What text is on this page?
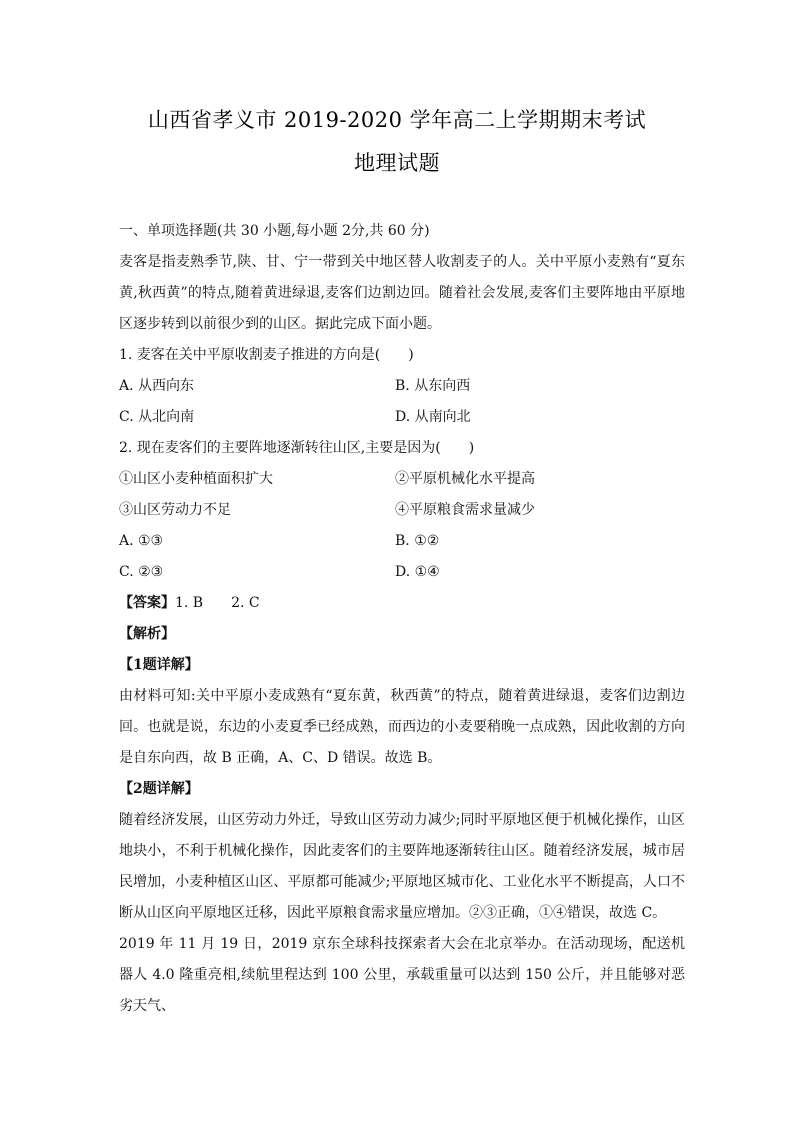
山西省孝义市 2019-2020 学年高二上学期期末考试
地理试题
一、单项选择题(共 30 小题,每小题 2分,共 60 分)
麦客是指麦熟季节,陕、甘、宁一带到关中地区替人收割麦子的人。关中平原小麦熟有“夏东黄,秋西黄”的特点,随着黄进绿退,麦客们边割边回。随着社会发展,麦客们主要阵地由平原地区逐步转到以前很少到的山区。据此完成下面小题。
1. 麦客在关中平原收割麦子推进的方向是(　　)
A. 从西向东	B. 从东向西
C. 从北向南	D. 从南向北
2. 现在麦客们的主要阵地逐渐转往山区,主要是因为(　　)
①山区小麦种植面积扩大	②平原机械化水平提高
③山区劳动力不足	④平原粮食需求量减少
A. ①③	B. ①②
C. ②③	D. ①④
【答案】1. B　　2. C
【解析】
【1题详解】
由材料可知:关中平原小麦成熟有“夏东黄，秋西黄”的特点，随着黄进绿退，麦客们边割边回。也就是说，东边的小麦夏季已经成熟，而西边的小麦要稍晚一点成熟，因此收割的方向是自东向西，故 B 正确，A、C、D 错误。故选 B。
【2题详解】
随着经济发展，山区劳动力外迁，导致山区劳动力减少;同时平原地区便于机械化操作，山区地块小，不利于机械化操作，因此麦客们的主要阵地逐渐转往山区。随着经济发展，城市居民增加，小麦种植区山区、平原都可能减少;平原地区城市化、工业化水平不断提高，人口不断从山区向平原地区迁移，因此平原粮食需求量应增加。②③正确，①④错误，故选 C。
2019 年 11 月 19 日，2019 京东全球科技探索者大会在北京举办。在活动现场，配送机器人 4.0 隆重亮相,续航里程达到 100 公里，承载重量可以达到 150 公斤，并且能够对恶劣天气、
